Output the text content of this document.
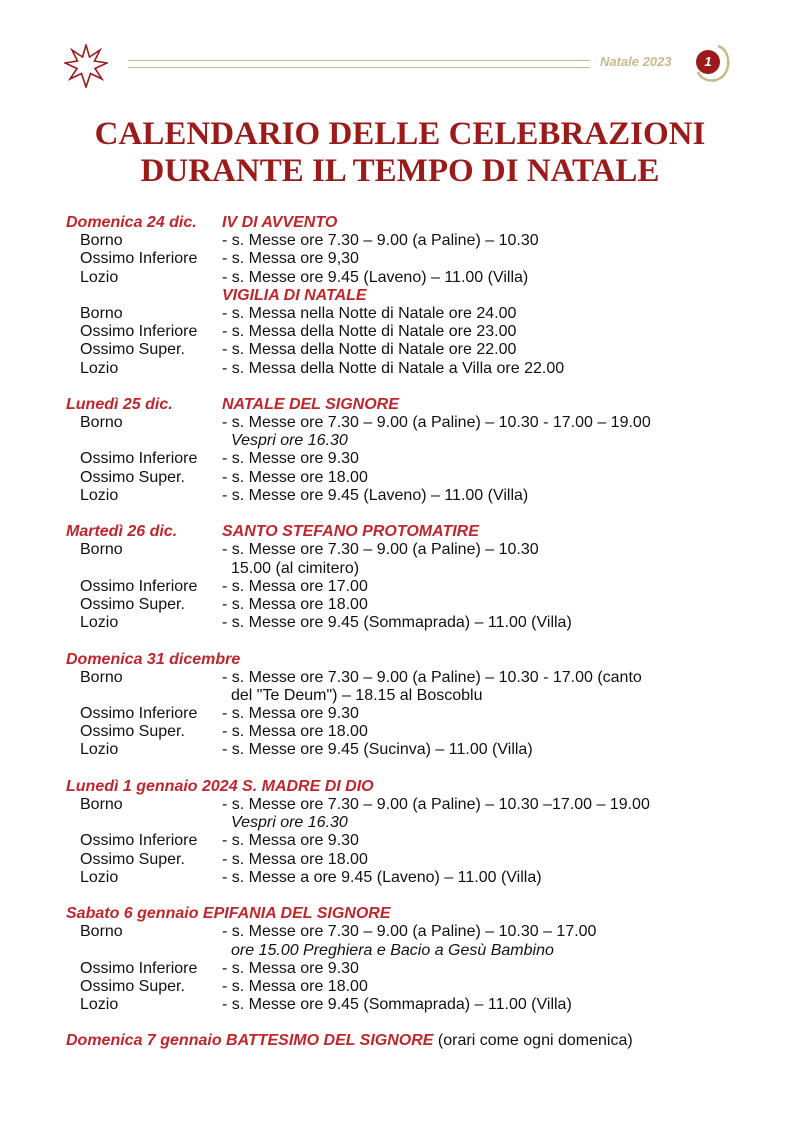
Natale 2023	1
CALENDARIO DELLE CELEBRAZIONI
DURANTE IL TEMPO DI NATALE
Domenica 24 dic. IV DI AVVENTO
Borno	- s. Messe ore 7.30 – 9.00 (a Paline) – 10.30
Ossimo Inferiore - s. Messa ore 9,30
Lozio	- s. Messe ore 9.45 (Laveno) – 11.00 (Villa)
VIGILIA DI NATALE
Borno	- s. Messa nella Notte di Natale ore 24.00
Ossimo Inferiore - s. Messa della Notte di Natale ore 23.00
Ossimo Super. - s. Messa della Notte di Natale ore 22.00
Lozio	- s. Messa della Notte di Natale a Villa ore 22.00
Lunedì 25 dic.	NATALE DEL SIGNORE
Borno	- s. Messe ore 7.30 – 9.00 (a Paline) – 10.30 - 17.00 – 19.00
Vespri ore 16.30
Ossimo Inferiore - s. Messe ore 9.30
Ossimo Super. - s. Messe ore 18.00
Lozio	- s. Messe ore 9.45 (Laveno) – 11.00 (Villa)
Martedì 26 dic.	SANTO STEFANO PROTOMATIRE
Borno	- s. Messe ore 7.30 – 9.00 (a Paline) – 10.30
15.00 (al cimitero)
Ossimo Inferiore - s. Messa ore 17.00
Ossimo Super. - s. Messa ore 18.00
Lozio	- s. Messe ore 9.45 (Sommaprada) – 11.00 (Villa)
Domenica 31 dicembre
Borno	- s. Messe ore 7.30 – 9.00 (a Paline) – 10.30 - 17.00 (canto
del "Te Deum") – 18.15 al Boscoblu
Ossimo Inferiore - s. Messa ore 9.30
Ossimo Super. - s. Messa ore 18.00
Lozio	- s. Messe ore 9.45 (Sucinva) – 11.00 (Villa)
Lunedì 1 gennaio 2024 S. MADRE DI DIO
Borno	- s. Messe ore 7.30 – 9.00 (a Paline) – 10.30 –17.00 – 19.00
Vespri ore 16.30
Ossimo Inferiore - s. Messa ore 9.30
Ossimo Super. - s. Messa ore 18.00
Lozio	- s. Messe a ore 9.45 (Laveno) – 11.00 (Villa)
Sabato 6 gennaio EPIFANIA DEL SIGNORE
Borno	- s. Messe ore 7.30 – 9.00 (a Paline) – 10.30 – 17.00
ore 15.00 Preghiera e Bacio a Gesù Bambino
Ossimo Inferiore - s. Messa ore 9.30
Ossimo Super. - s. Messa ore 18.00
Lozio	- s. Messe ore 9.45 (Sommaprada) – 11.00 (Villa)
Domenica 7 gennaio BATTESIMO DEL SIGNORE (orari come ogni domenica)
